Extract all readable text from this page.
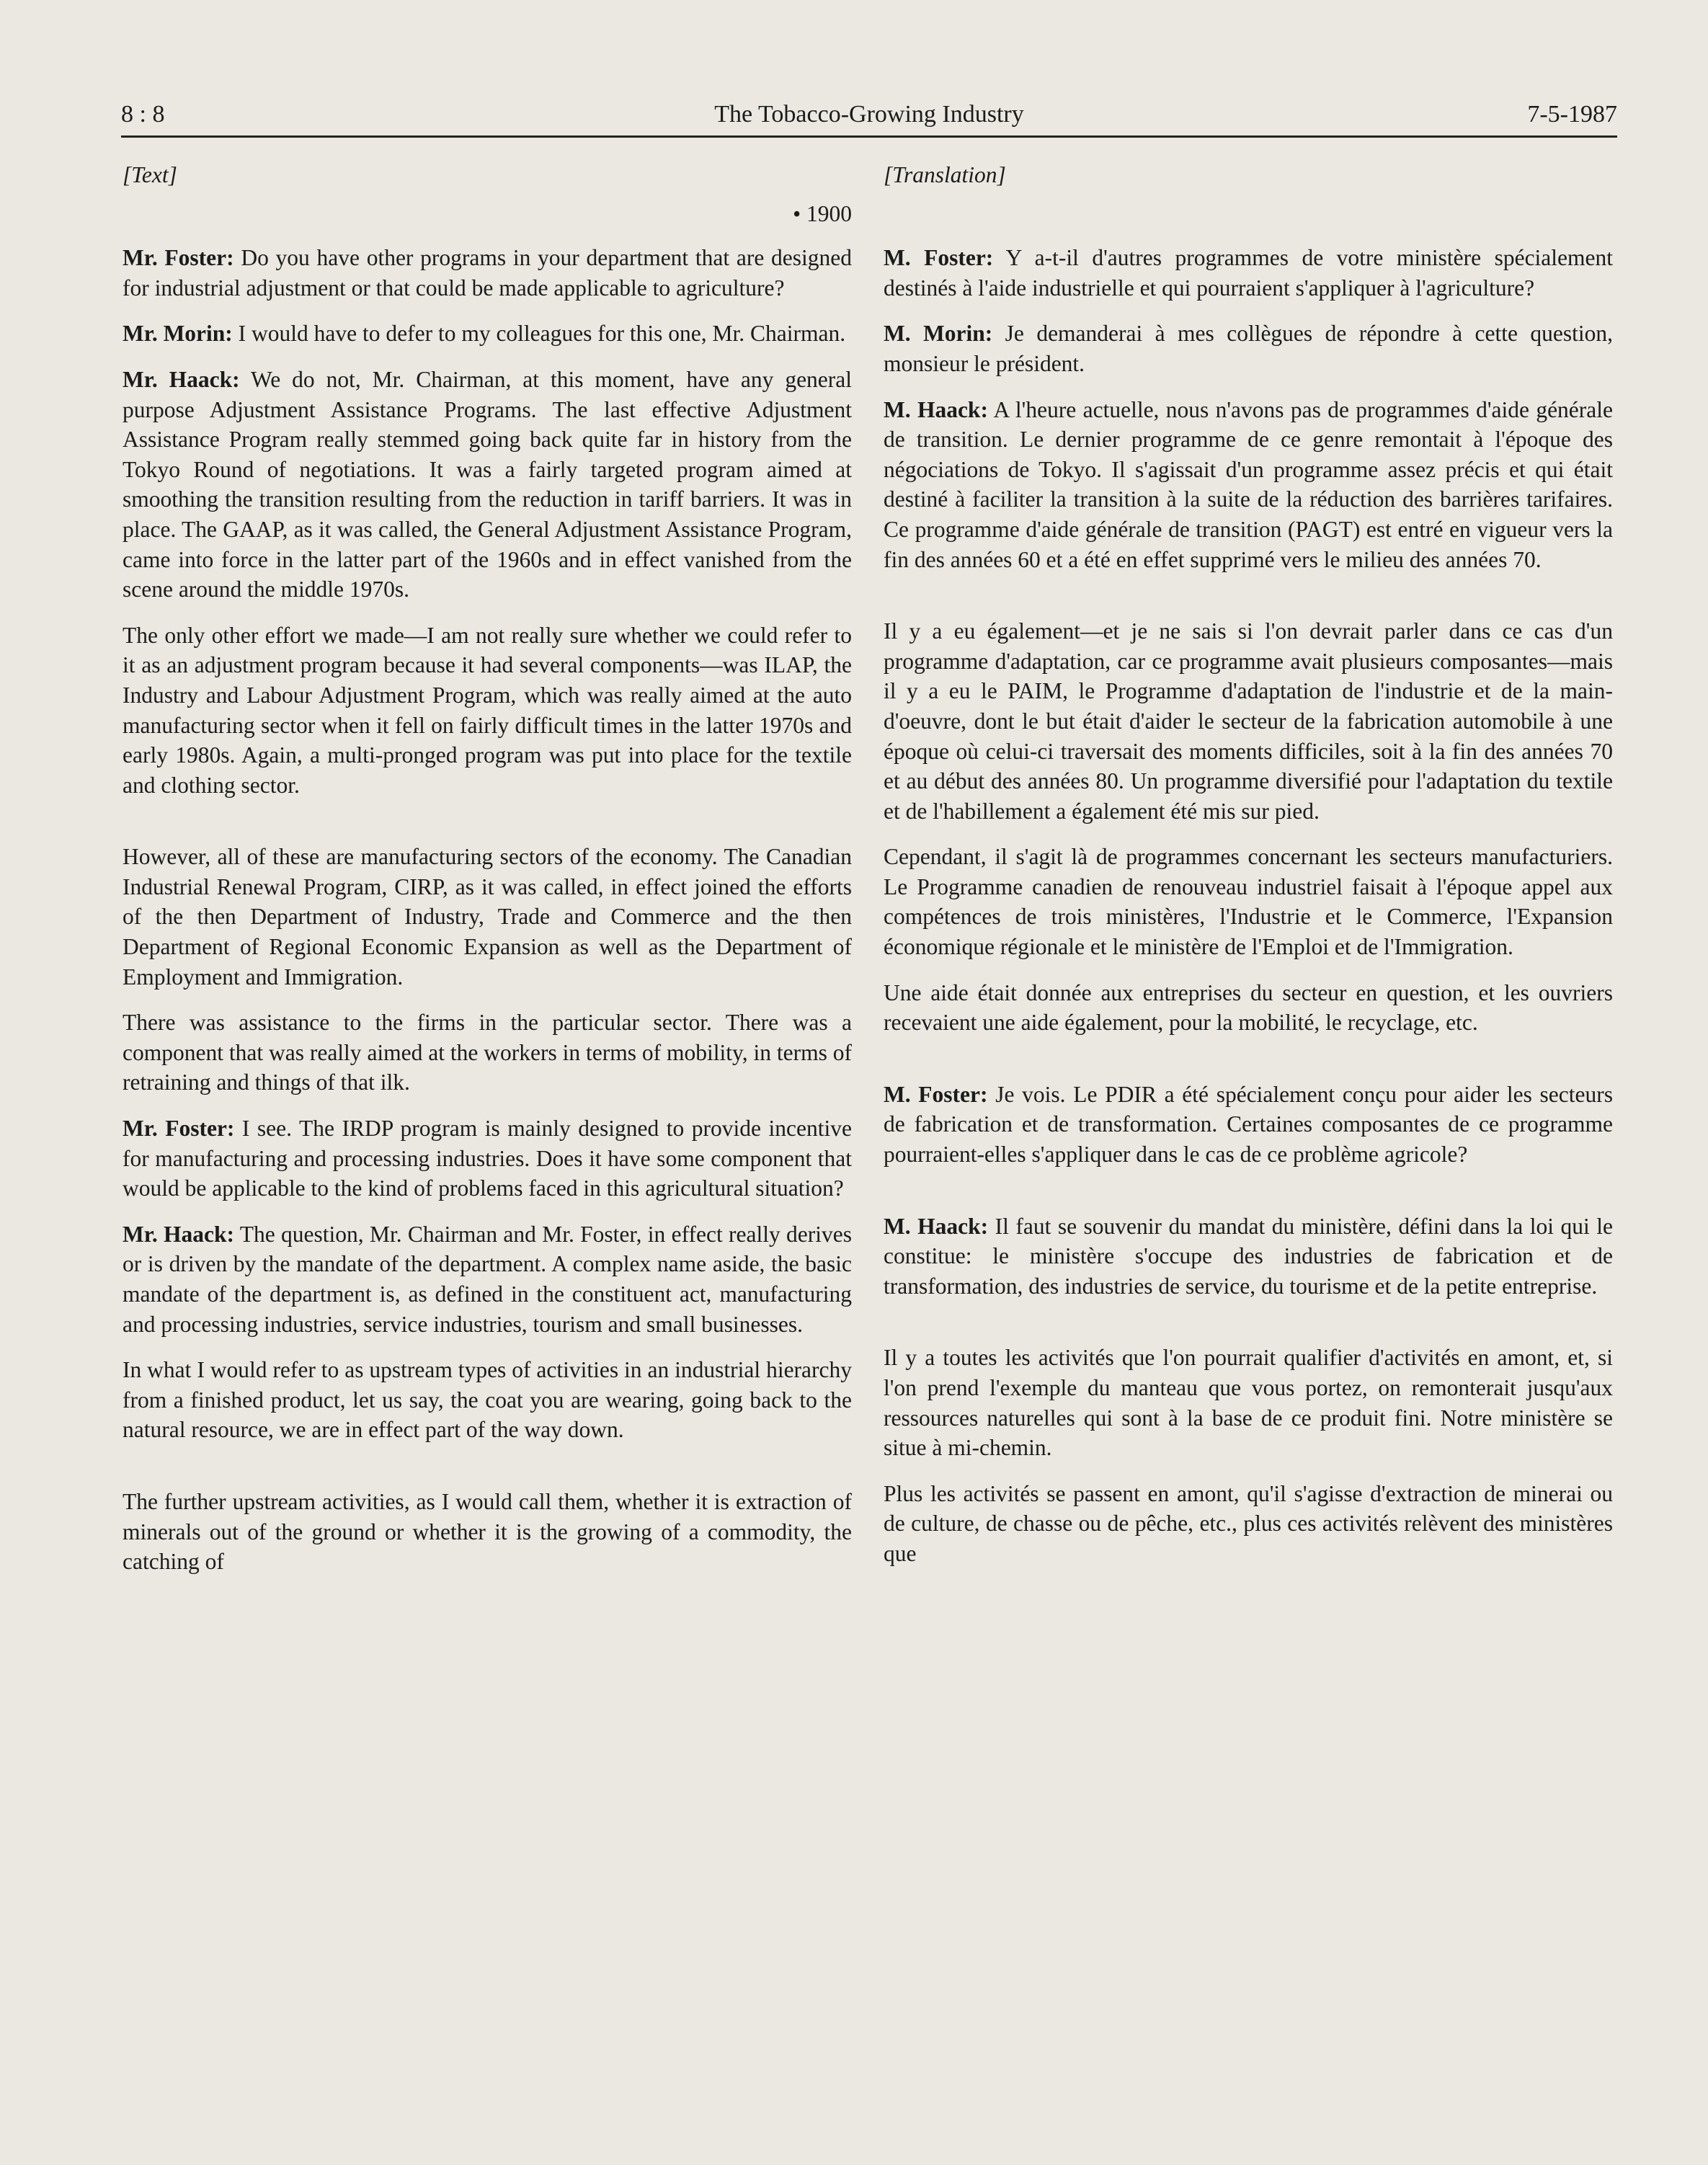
8 : 8	The Tobacco-Growing Industry	7-5-1987
[Text]
• 1900

Mr. Foster: Do you have other programs in your department that are designed for industrial adjustment or that could be made applicable to agriculture?

Mr. Morin: I would have to defer to my colleagues for this one, Mr. Chairman.

Mr. Haack: We do not, Mr. Chairman, at this moment, have any general purpose Adjustment Assistance Programs. The last effective Adjustment Assistance Program really stemmed going back quite far in history from the Tokyo Round of negotiations. It was a fairly targeted program aimed at smoothing the transition resulting from the reduction in tariff barriers. It was in place. The GAAP, as it was called, the General Adjustment Assistance Program, came into force in the latter part of the 1960s and in effect vanished from the scene around the middle 1970s.

The only other effort we made—I am not really sure whether we could refer to it as an adjustment program because it had several components—was ILAP, the Industry and Labour Adjustment Program, which was really aimed at the auto manufacturing sector when it fell on fairly difficult times in the latter 1970s and early 1980s. Again, a multi-pronged program was put into place for the textile and clothing sector.

However, all of these are manufacturing sectors of the economy. The Canadian Industrial Renewal Program, CIRP, as it was called, in effect joined the efforts of the then Department of Industry, Trade and Commerce and the then Department of Regional Economic Expansion as well as the Department of Employment and Immigration.

There was assistance to the firms in the particular sector. There was a component that was really aimed at the workers in terms of mobility, in terms of retraining and things of that ilk.

Mr. Foster: I see. The IRDP program is mainly designed to provide incentive for manufacturing and processing industries. Does it have some component that would be applicable to the kind of problems faced in this agricultural situation?

Mr. Haack: The question, Mr. Chairman and Mr. Foster, in effect really derives or is driven by the mandate of the department. A complex name aside, the basic mandate of the department is, as defined in the constituent act, manufacturing and processing industries, service industries, tourism and small businesses.

In what I would refer to as upstream types of activities in an industrial hierarchy from a finished product, let us say, the coat you are wearing, going back to the natural resource, we are in effect part of the way down.

The further upstream activities, as I would call them, whether it is extraction of minerals out of the ground or whether it is the growing of a commodity, the catching of

[Translation]

M. Foster: Y a-t-il d'autres programmes de votre ministère spécialement destinés à l'aide industrielle et qui pourraient s'appliquer à l'agriculture?

M. Morin: Je demanderai à mes collègues de répondre à cette question, monsieur le président.

M. Haack: A l'heure actuelle, nous n'avons pas de programmes d'aide générale de transition. Le dernier programme de ce genre remontait à l'époque des négociations de Tokyo. Il s'agissait d'un programme assez précis et qui était destiné à faciliter la transition à la suite de la réduction des barrières tarifaires. Ce programme d'aide générale de transition (PAGT) est entré en vigueur vers la fin des années 60 et a été en effet supprimé vers le milieu des années 70.

Il y a eu également—et je ne sais si l'on devrait parler dans ce cas d'un programme d'adaptation, car ce programme avait plusieurs composantes—mais il y a eu le PAIM, le Programme d'adaptation de l'industrie et de la main-d'oeuvre, dont le but était d'aider le secteur de la fabrication automobile à une époque où celui-ci traversait des moments difficiles, soit à la fin des années 70 et au début des années 80. Un programme diversifié pour l'adaptation du textile et de l'habillement a également été mis sur pied.

Cependant, il s'agit là de programmes concernant les secteurs manufacturiers. Le Programme canadien de renouveau industriel faisait à l'époque appel aux compétences de trois ministères, l'Industrie et le Commerce, l'Expansion économique régionale et le ministère de l'Emploi et de l'Immigration.

Une aide était donnée aux entreprises du secteur en question, et les ouvriers recevaient une aide également, pour la mobilité, le recyclage, etc.

M. Foster: Je vois. Le PDIR a été spécialement conçu pour aider les secteurs de fabrication et de transformation. Certaines composantes de ce programme pourraient-elles s'appliquer dans le cas de ce problème agricole?

M. Haack: Il faut se souvenir du mandat du ministère, défini dans la loi qui le constitue: le ministère s'occupe des industries de fabrication et de transformation, des industries de service, du tourisme et de la petite entreprise.

Il y a toutes les activités que l'on pourrait qualifier d'activités en amont, et, si l'on prend l'exemple du manteau que vous portez, on remonterait jusqu'aux ressources naturelles qui sont à la base de ce produit fini. Notre ministère se situe à mi-chemin.

Plus les activités se passent en amont, qu'il s'agisse d'extraction de minerai ou de culture, de chasse ou de pêche, etc., plus ces activités relèvent des ministères que
